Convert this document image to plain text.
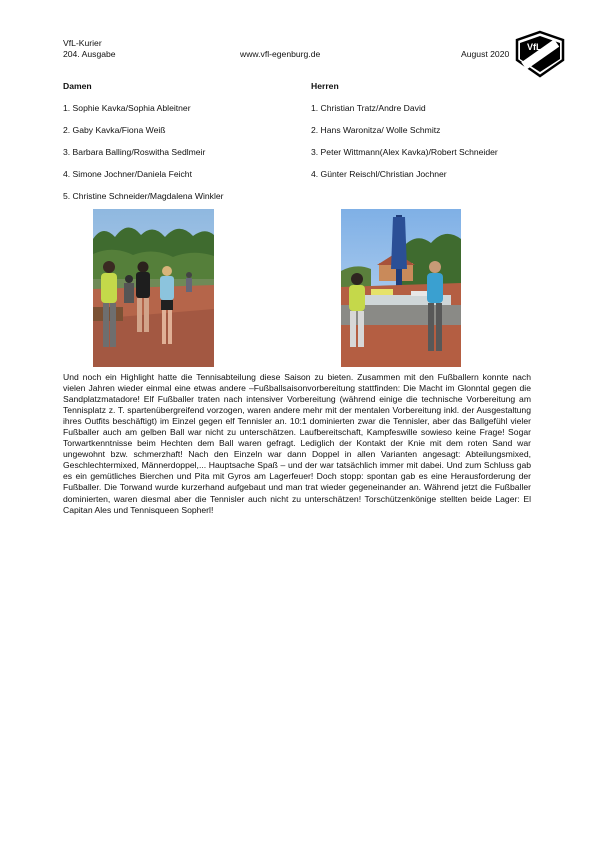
VfL-Kurier
204. Ausgabe	www.vfl-egenburg.de	August 2020
VfL
Damen
1. Sophie Kavka/Sophia Ableitner
2. Gaby Kavka/Fiona Weiß
3. Barbara Balling/Roswitha Sedlmeir
4. Simone Jochner/Daniela Feicht
5. Christine Schneider/Magdalena Winkler
Herren
1. Christian Tratz/Andre David
2. Hans Waronitza/ Wolle Schmitz
3. Peter Wittmann(Alex Kavka)/Robert Schneider
4. Günter Reischl/Christian Jochner

Und noch ein Highlight hatte die Tennisabteilung diese Saison zu bieten. Zusammen mit den Fußballern konnte nach vielen Jahren wieder einmal eine etwas andere –Fußballsaisonvorbereitung stattfinden: Die Macht im Glonntal gegen die Sandplatzmatadore! Elf Fußballer traten nach intensiver Vorbereitung (während einige die technische Vorbereitung am Tennisplatz z. T. spartenübergreifend vorzogen, waren andere mehr mit der mentalen Vorbereitung inkl. der Ausgestaltung ihres Outfits beschäftigt) im Einzel gegen elf Tennisler an. 10:1 dominierten zwar die Tennisler, aber das Ballgefühl vieler Fußballer auch am gelben Ball war nicht zu unterschätzen. Laufbereitschaft, Kampfeswille sowieso keine Frage! Sogar Torwartkenntnisse beim Hechten dem Ball waren gefragt. Lediglich der Kontakt der Knie mit dem roten Sand war ungewohnt bzw. schmerzhaft! Nach den Einzeln war dann Doppel in allen Varianten angesagt: Abteilungsmixed, Geschlechtermixed, Männerdoppel,... Hauptsache Spaß – und der war tatsächlich immer mit dabei. Und zum Schluss gab es ein gemütliches Bierchen und Pita mit Gyros am Lagerfeuer! Doch stopp: spontan gab es eine Herausforderung der Fußballer. Die Torwand wurde kurzerhand aufgebaut und man trat wieder gegeneinander an. Während jetzt die Fußballer dominierten, waren diesmal aber die Tennisler auch nicht zu unterschätzen! Torschützenkönige stellten beide Lager: El Capitan Ales und Tennisqueen Sopherl!
